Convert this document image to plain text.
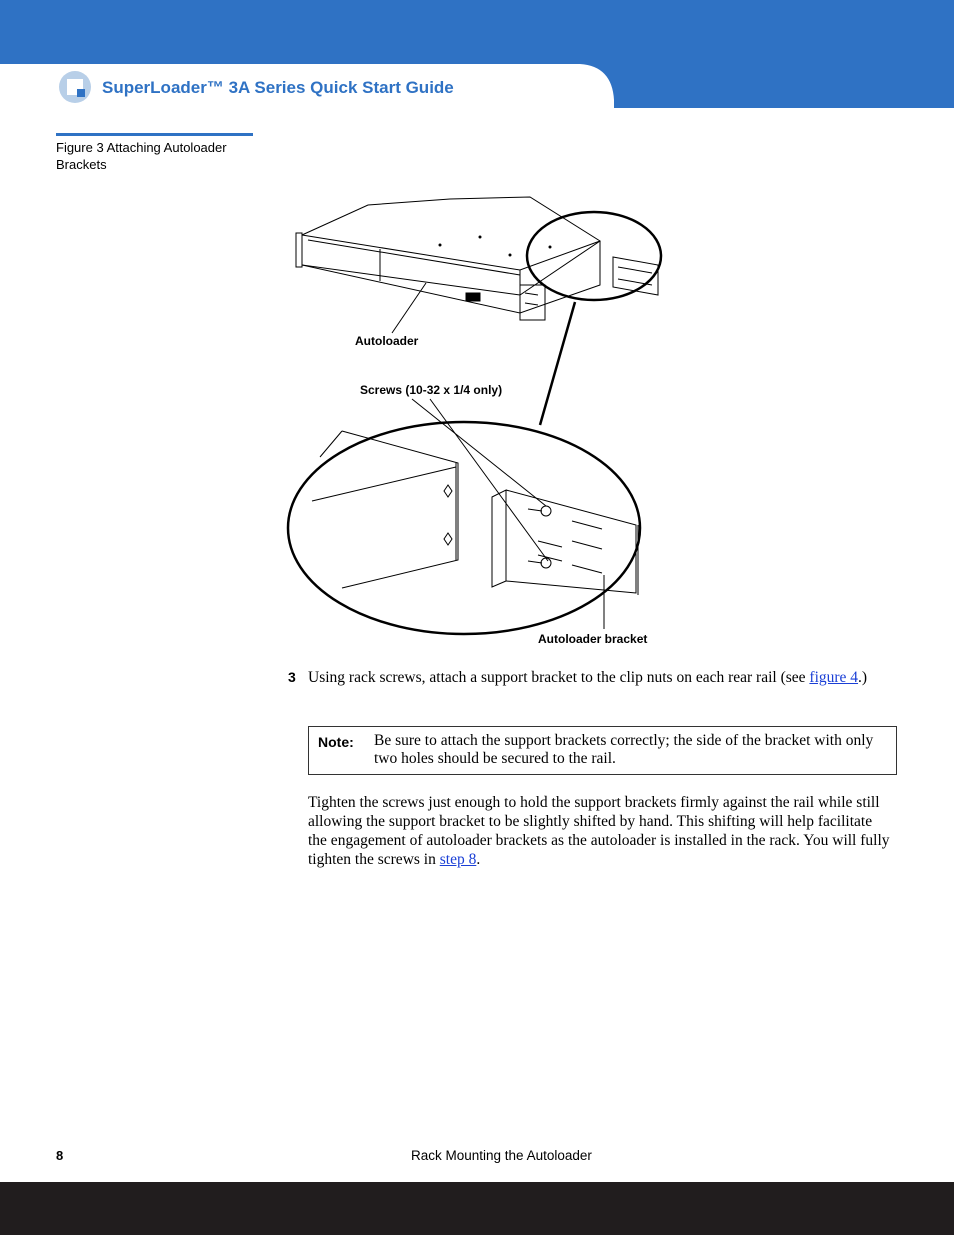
SuperLoader™ 3A Series Quick Start Guide
Figure 3 Attaching Autoloader
Brackets
Autoloader
Screws (10-32 x 1/4 only)
Autoloader bracket
3 Using rack screws, attach a support bracket to the clip nuts on each rear rail (see figure 4.)
Note: Be sure to attach the support brackets correctly; the side of the bracket with only two holes should be secured to the rail.
Tighten the screws just enough to hold the support brackets firmly against the rail while still allowing the support bracket to be slightly shifted by hand. This shifting will help facilitate the engagement of autoloader brackets as the autoloader is installed in the rack. You will fully tighten the screws in step 8.
8	Rack Mounting the Autoloader
